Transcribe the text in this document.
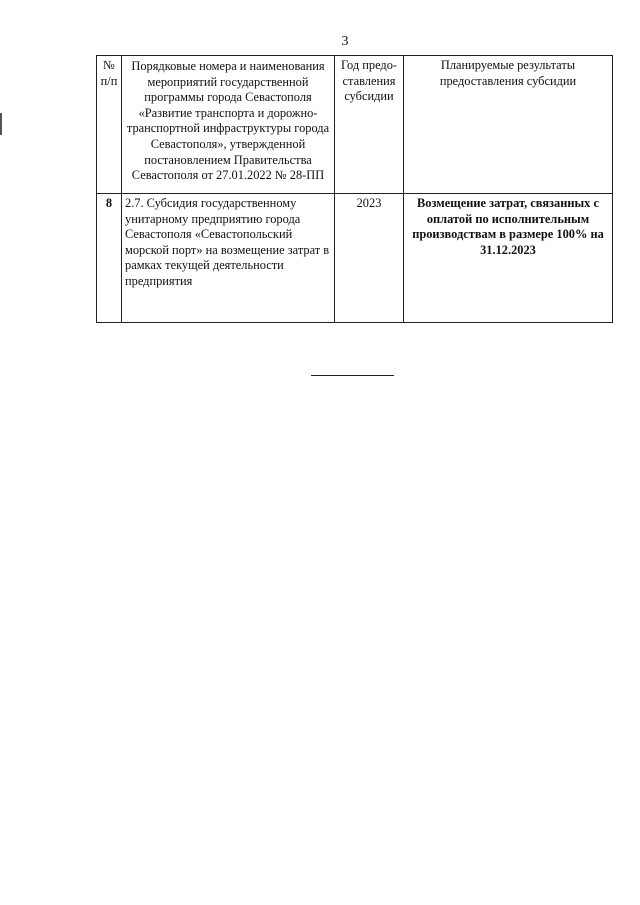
3
№ п/п	Порядковые номера и наименования мероприятий государственной программы города Севастополя «Развитие транспорта и дорожно-транспортной инфраструктуры города Севастополя», утвержденной постановлением Правительства Севастополя от 27.01.2022 № 28-ПП	Год предо-ставления субсидии	Планируемые результаты предоставления субсидии
8	2.7. Субсидия государственному унитарному предприятию города Севастополя «Севастопольский морской порт» на возмещение затрат в рамках текущей деятельности предприятия	2023	Возмещение затрат, связанных с оплатой по исполнительным производствам в размере 100% на 31.12.2023
